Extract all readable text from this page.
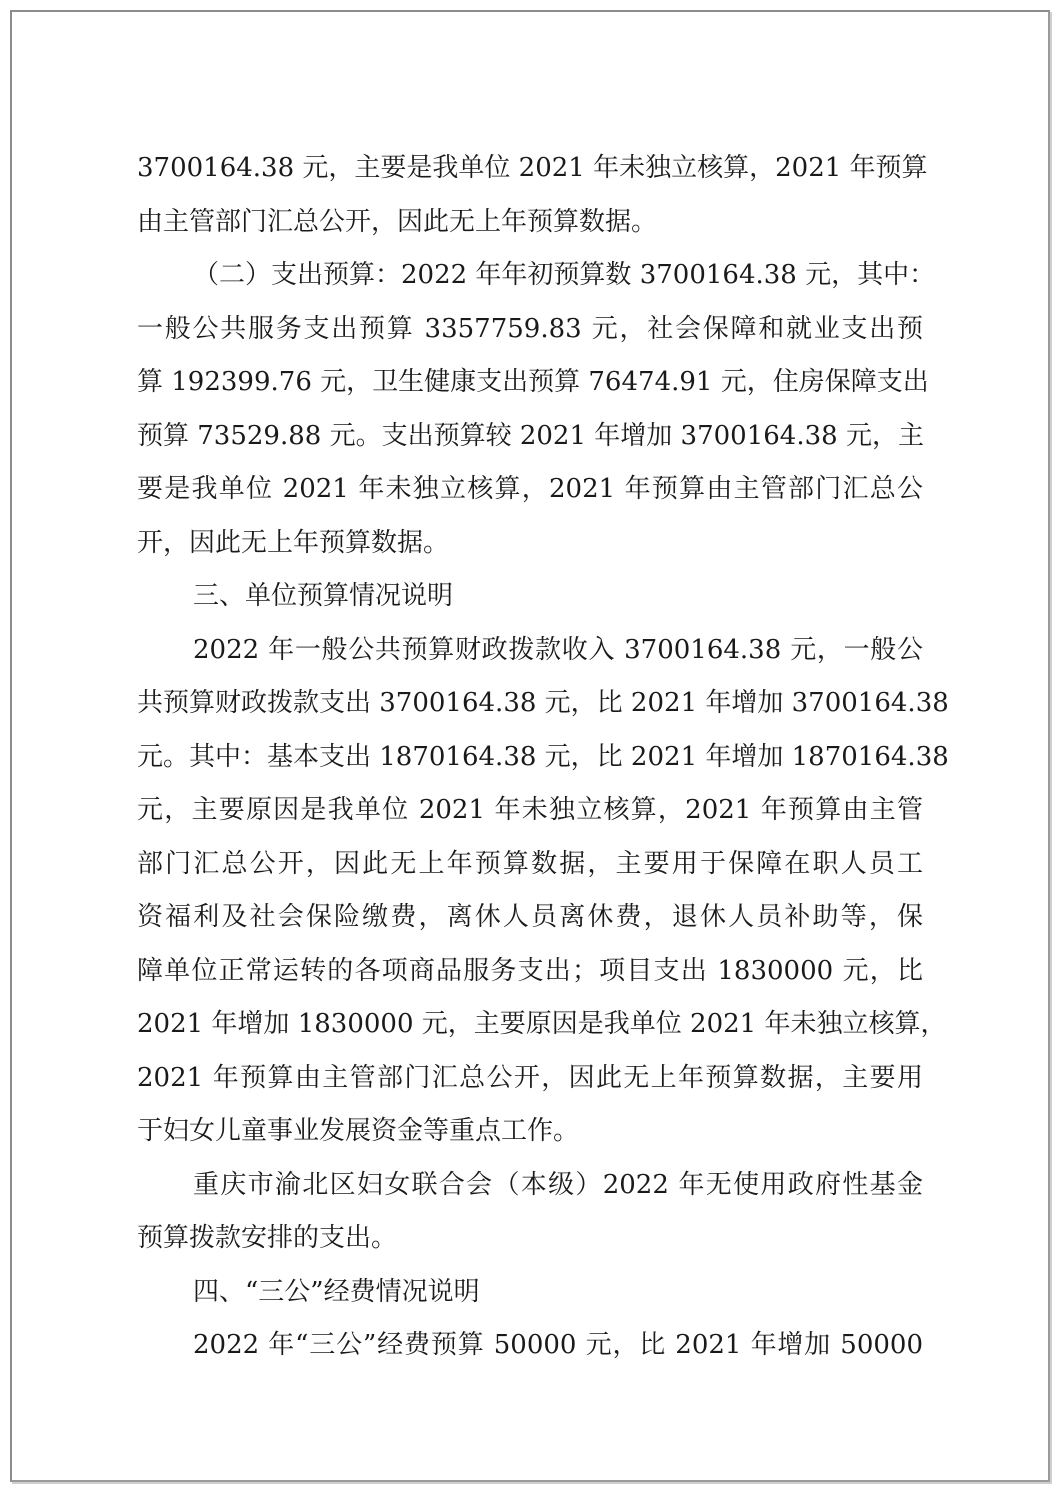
3700164.38 元，主要是我单位 2021 年未独立核算，2021 年预算
由主管部门汇总公开，因此无上年预算数据。
（二）支出预算：2022 年年初预算数 3700164.38 元，其中：
一般公共服务支出预算 3357759.83 元，社会保障和就业支出预
算 192399.76 元，卫生健康支出预算 76474.91 元，住房保障支出
预算 73529.88 元。支出预算较 2021 年增加 3700164.38 元，主
要是我单位 2021 年未独立核算，2021 年预算由主管部门汇总公
开，因此无上年预算数据。
三、单位预算情况说明
2022 年一般公共预算财政拨款收入 3700164.38 元，一般公
共预算财政拨款支出 3700164.38 元，比 2021 年增加 3700164.38
元。其中：基本支出 1870164.38 元，比 2021 年增加 1870164.38
元，主要原因是我单位 2021 年未独立核算，2021 年预算由主管
部门汇总公开，因此无上年预算数据，主要用于保障在职人员工
资福利及社会保险缴费，离休人员离休费，退休人员补助等，保
障单位正常运转的各项商品服务支出；项目支出 1830000 元，比
2021 年增加 1830000 元，主要原因是我单位 2021 年未独立核算，
2021 年预算由主管部门汇总公开，因此无上年预算数据，主要用
于妇女儿童事业发展资金等重点工作。
重庆市渝北区妇女联合会（本级）2022 年无使用政府性基金
预算拨款安排的支出。
四、“三公”经费情况说明
2022 年“三公”经费预算 50000 元，比 2021 年增加 50000
